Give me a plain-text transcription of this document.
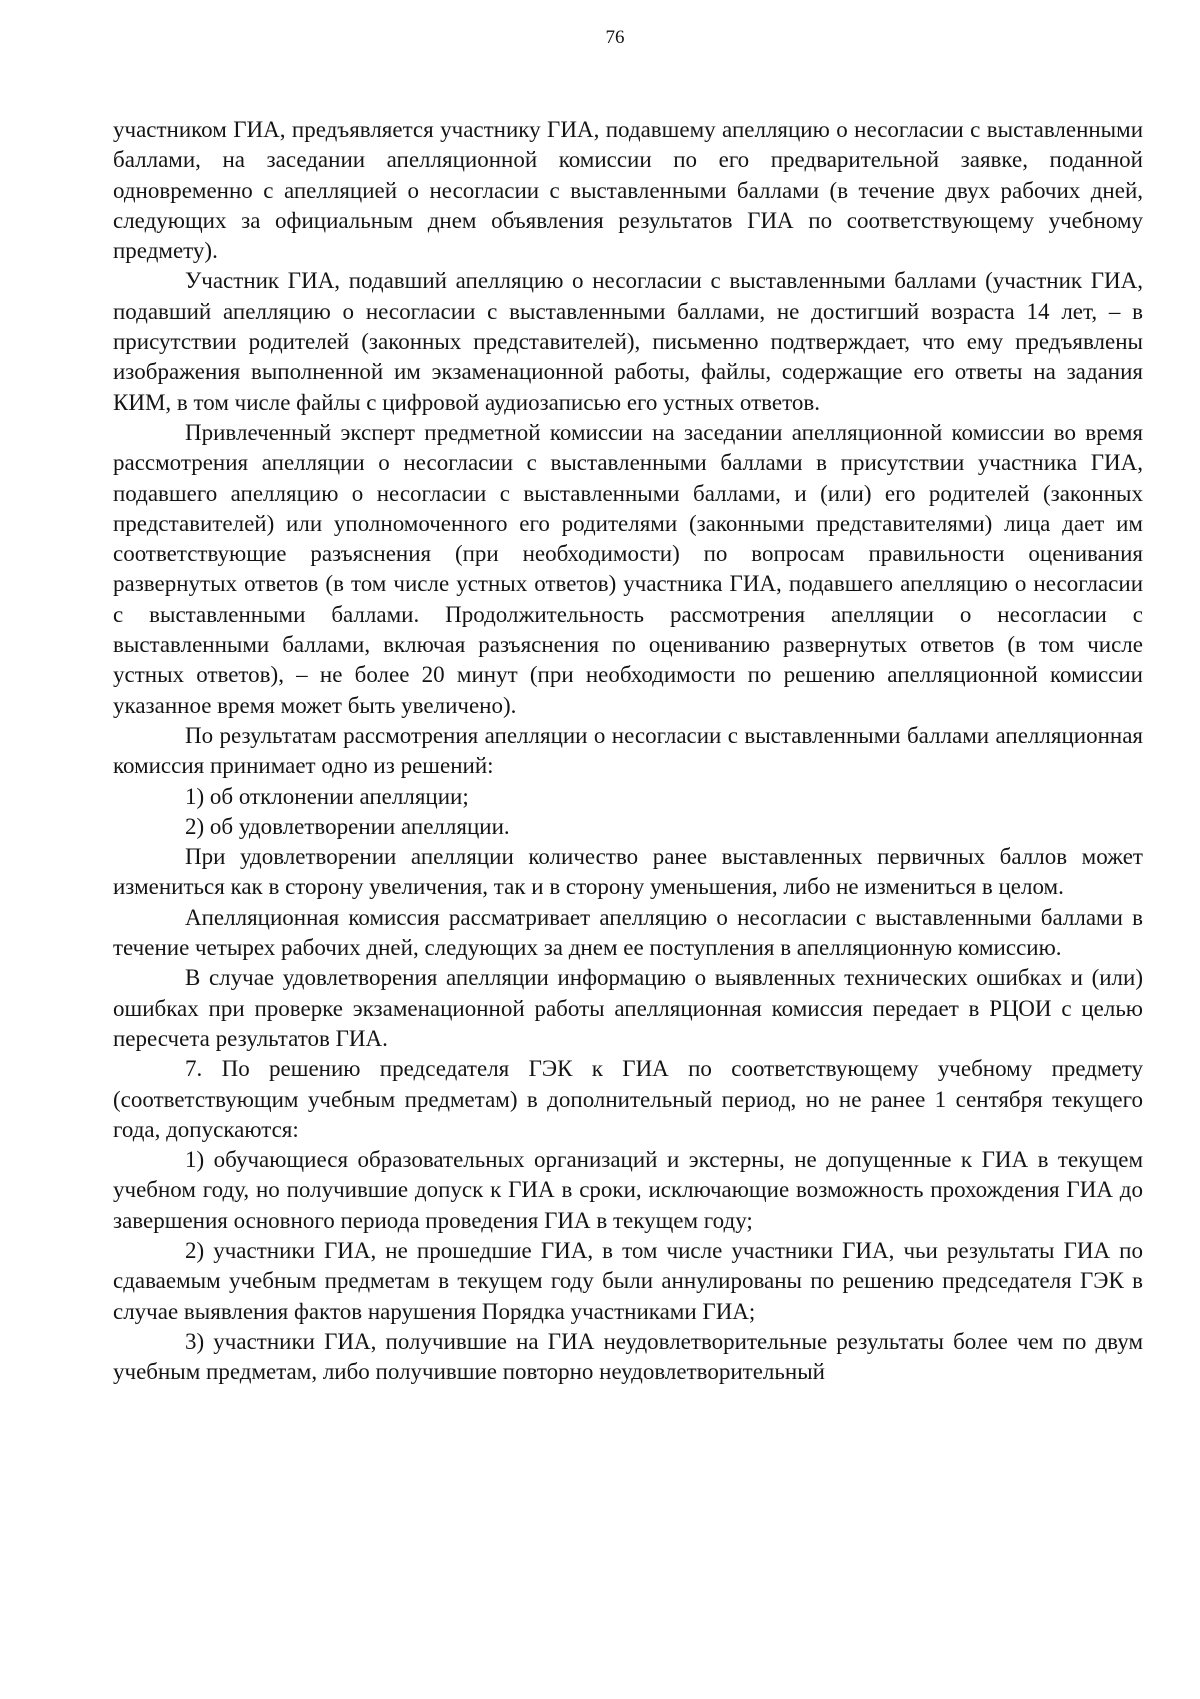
76

участником ГИА, предъявляется участнику ГИА, подавшему апелляцию о несогласии с выставленными баллами, на заседании апелляционной комиссии по его предварительной заявке, поданной одновременно с апелляцией о несогласии с выставленными баллами (в течение двух рабочих дней, следующих за официальным днем объявления результатов ГИА по соответствующему учебному предмету).

Участник ГИА, подавший апелляцию о несогласии с выставленными баллами (участник ГИА, подавший апелляцию о несогласии с выставленными баллами, не достигший возраста 14 лет, – в присутствии родителей (законных представителей), письменно подтверждает, что ему предъявлены изображения выполненной им экзаменационной работы, файлы, содержащие его ответы на задания КИМ, в том числе файлы с цифровой аудиозаписью его устных ответов.

Привлеченный эксперт предметной комиссии на заседании апелляционной комиссии во время рассмотрения апелляции о несогласии с выставленными баллами в присутствии участника ГИА, подавшего апелляцию о несогласии с выставленными баллами, и (или) его родителей (законных представителей) или уполномоченного его родителями (законными представителями) лица дает им соответствующие разъяснения (при необходимости) по вопросам правильности оценивания развернутых ответов (в том числе устных ответов) участника ГИА, подавшего апелляцию о несогласии с выставленными баллами. Продолжительность рассмотрения апелляции о несогласии с выставленными баллами, включая разъяснения по оцениванию развернутых ответов (в том числе устных ответов), – не более 20 минут (при необходимости по решению апелляционной комиссии указанное время может быть увеличено).

По результатам рассмотрения апелляции о несогласии с выставленными баллами апелляционная комиссия принимает одно из решений:

1) об отклонении апелляции;

2) об удовлетворении апелляции.

При удовлетворении апелляции количество ранее выставленных первичных баллов может измениться как в сторону увеличения, так и в сторону уменьшения, либо не измениться в целом.

Апелляционная комиссия рассматривает апелляцию о несогласии с выставленными баллами в течение четырех рабочих дней, следующих за днем ее поступления в апелляционную комиссию.

В случае удовлетворения апелляции информацию о выявленных технических ошибках и (или) ошибках при проверке экзаменационной работы апелляционная комиссия передает в РЦОИ с целью пересчета результатов ГИА.

7. По решению председателя ГЭК к ГИА по соответствующему учебному предмету (соответствующим учебным предметам) в дополнительный период, но не ранее 1 сентября текущего года, допускаются:

1) обучающиеся образовательных организаций и экстерны, не допущенные к ГИА в текущем учебном году, но получившие допуск к ГИА в сроки, исключающие возможность прохождения ГИА до завершения основного периода проведения ГИА в текущем году;

2) участники ГИА, не прошедшие ГИА, в том числе участники ГИА, чьи результаты ГИА по сдаваемым учебным предметам в текущем году были аннулированы по решению председателя ГЭК в случае выявления фактов нарушения Порядка участниками ГИА;

3) участники ГИА, получившие на ГИА неудовлетворительные результаты более чем по двум учебным предметам, либо получившие повторно неудовлетворительный
